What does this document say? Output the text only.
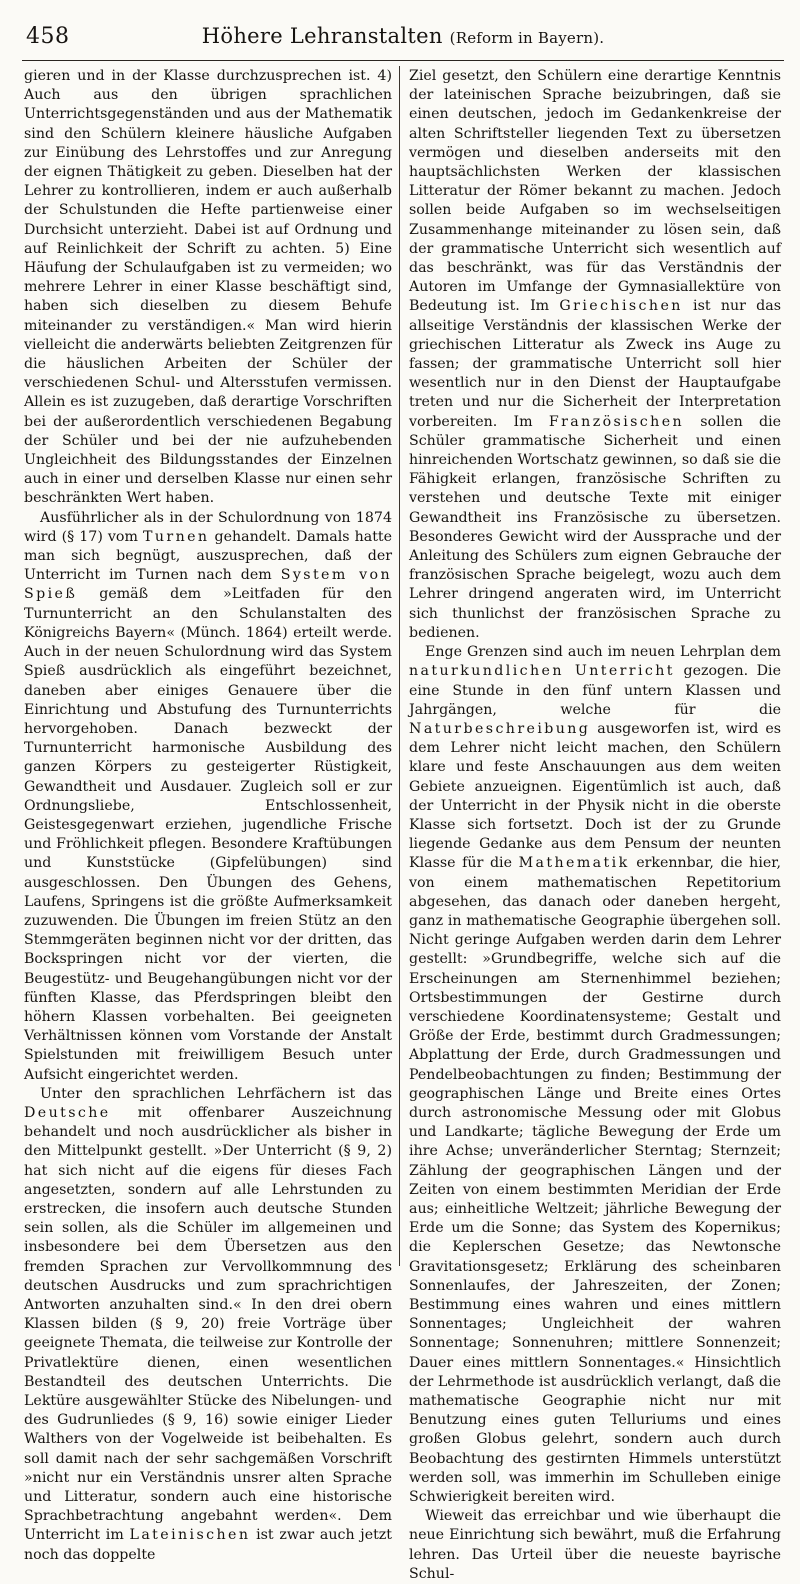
458	Höhere Lehranstalten (Reform in Bayern).

gieren und in der Klasse durchzusprechen ist. 4) Auch aus den übrigen sprachlichen Unterrichtsgegenständen und aus der Mathematik sind den Schülern kleinere häusliche Aufgaben zur Einübung des Lehrstoffes und zur Anregung der eignen Thätigkeit zu geben. Dieselben hat der Lehrer zu kontrollieren, indem er auch außerhalb der Schulstunden die Hefte partienweise einer Durchsicht unterzieht. Dabei ist auf Ordnung und auf Reinlichkeit der Schrift zu achten. 5) Eine Häufung der Schulaufgaben ist zu vermeiden; wo mehrere Lehrer in einer Klasse beschäftigt sind, haben sich dieselben zu diesem Behufe miteinander zu verständigen.« Man wird hierin vielleicht die anderwärts beliebten Zeitgrenzen für die häuslichen Arbeiten der Schüler der verschiedenen Schul- und Altersstufen vermissen. Allein es ist zuzugeben, daß derartige Vorschriften bei der außerordentlich verschiedenen Begabung der Schüler und bei der nie aufzuhebenden Ungleichheit des Bildungsstandes der Einzelnen auch in einer und derselben Klasse nur einen sehr beschränkten Wert haben.

Ausführlicher als in der Schulordnung von 1874 wird (§ 17) vom Turnen gehandelt. Damals hatte man sich begnügt, auszusprechen, daß der Unterricht im Turnen nach dem System von Spieß gemäß dem »Leitfaden für den Turnunterricht an den Schulanstalten des Königreichs Bayern« (Münch. 1864) erteilt werde. Auch in der neuen Schulordnung wird das System Spieß ausdrücklich als eingeführt bezeichnet, daneben aber einiges Genauere über die Einrichtung und Abstufung des Turnunterrichts hervorgehoben. Danach bezweckt der Turnunterricht harmonische Ausbildung des ganzen Körpers zu gesteigerter Rüstigkeit, Gewandtheit und Ausdauer. Zugleich soll er zur Ordnungsliebe, Entschlossenheit, Geistesgegenwart erziehen, jugendliche Frische und Fröhlichkeit pflegen. Besondere Kraftübungen und Kunststücke (Gipfelübungen) sind ausgeschlossen. Den Übungen des Gehens, Laufens, Springens ist die größte Aufmerksamkeit zuzuwenden. Die Übungen im freien Stütz an den Stemmgeräten beginnen nicht vor der dritten, das Bockspringen nicht vor der vierten, die Beugestütz- und Beugehangübungen nicht vor der fünften Klasse, das Pferdspringen bleibt den höhern Klassen vorbehalten. Bei geeigneten Verhältnissen können vom Vorstande der Anstalt Spielstunden mit freiwilligem Besuch unter Aufsicht eingerichtet werden.

Unter den sprachlichen Lehrfächern ist das Deutsche mit offenbarer Auszeichnung behandelt und noch ausdrücklicher als bisher in den Mittelpunkt gestellt. »Der Unterricht (§ 9, 2) hat sich nicht auf die eigens für dieses Fach angesetzten, sondern auf alle Lehrstunden zu erstrecken, die insofern auch deutsche Stunden sein sollen, als die Schüler im allgemeinen und insbesondere bei dem Übersetzen aus den fremden Sprachen zur Vervollkommnung des deutschen Ausdrucks und zum sprachrichtigen Antworten anzuhalten sind.« In den drei obern Klassen bilden (§ 9, 20) freie Vorträge über geeignete Themata, die teilweise zur Kontrolle der Privatlektüre dienen, einen wesentlichen Bestandteil des deutschen Unterrichts. Die Lektüre ausgewählter Stücke des Nibelungen- und des Gudrunliedes (§ 9, 16) sowie einiger Lieder Walthers von der Vogelweide ist beibehalten. Es soll damit nach der sehr sachgemäßen Vorschrift »nicht nur ein Verständnis unsrer alten Sprache und Litteratur, sondern auch eine historische Sprachbetrachtung angebahnt werden«. Dem Unterricht im Lateinischen ist zwar auch jetzt noch das doppelte

Ziel gesetzt, den Schülern eine derartige Kenntnis der lateinischen Sprache beizubringen, daß sie einen deutschen, jedoch im Gedankenkreise der alten Schriftsteller liegenden Text zu übersetzen vermögen und dieselben anderseits mit den hauptsächlichsten Werken der klassischen Litteratur der Römer bekannt zu machen. Jedoch sollen beide Aufgaben so im wechselseitigen Zusammenhange miteinander zu lösen sein, daß der grammatische Unterricht sich wesentlich auf das beschränkt, was für das Verständnis der Autoren im Umfange der Gymnasiallektüre von Bedeutung ist. Im Griechischen ist nur das allseitige Verständnis der klassischen Werke der griechischen Litteratur als Zweck ins Auge zu fassen; der grammatische Unterricht soll hier wesentlich nur in den Dienst der Hauptaufgabe treten und nur die Sicherheit der Interpretation vorbereiten. Im Französischen sollen die Schüler grammatische Sicherheit und einen hinreichenden Wortschatz gewinnen, so daß sie die Fähigkeit erlangen, französische Schriften zu verstehen und deutsche Texte mit einiger Gewandtheit ins Französische zu übersetzen. Besonderes Gewicht wird der Aussprache und der Anleitung des Schülers zum eignen Gebrauche der französischen Sprache beigelegt, wozu auch dem Lehrer dringend angeraten wird, im Unterricht sich thunlichst der französischen Sprache zu bedienen.

Enge Grenzen sind auch im neuen Lehrplan dem naturkundlichen Unterricht gezogen. Die eine Stunde in den fünf untern Klassen und Jahrgängen, welche für die Naturbeschreibung ausgeworfen ist, wird es dem Lehrer nicht leicht machen, den Schülern klare und feste Anschauungen aus dem weiten Gebiete anzueignen. Eigentümlich ist auch, daß der Unterricht in der Physik nicht in die oberste Klasse sich fortsetzt. Doch ist der zu Grunde liegende Gedanke aus dem Pensum der neunten Klasse für die Mathematik erkennbar, die hier, von einem mathematischen Repetitorium abgesehen, das danach oder daneben hergeht, ganz in mathematische Geographie übergehen soll. Nicht geringe Aufgaben werden darin dem Lehrer gestellt: »Grundbegriffe, welche sich auf die Erscheinungen am Sternenhimmel beziehen; Ortsbestimmungen der Gestirne durch verschiedene Koordinatensysteme; Gestalt und Größe der Erde, bestimmt durch Gradmessungen; Abplattung der Erde, durch Gradmessungen und Pendelbeobachtungen zu finden; Bestimmung der geographischen Länge und Breite eines Ortes durch astronomische Messung oder mit Globus und Landkarte; tägliche Bewegung der Erde um ihre Achse; unveränderlicher Sterntag; Sternzeit; Zählung der geographischen Längen und der Zeiten von einem bestimmten Meridian der Erde aus; einheitliche Weltzeit; jährliche Bewegung der Erde um die Sonne; das System des Kopernikus; die Keplerschen Gesetze; das Newtonsche Gravitationsgesetz; Erklärung des scheinbaren Sonnenlaufes, der Jahreszeiten, der Zonen; Bestimmung eines wahren und eines mittlern Sonnentages; Ungleichheit der wahren Sonnentage; Sonnenuhren; mittlere Sonnenzeit; Dauer eines mittlern Sonnentages.« Hinsichtlich der Lehrmethode ist ausdrücklich verlangt, daß die mathematische Geographie nicht nur mit Benutzung eines guten Telluriums und eines großen Globus gelehrt, sondern auch durch Beobachtung des gestirnten Himmels unterstützt werden soll, was immerhin im Schulleben einige Schwierigkeit bereiten wird.

Wieweit das erreichbar und wie überhaupt die neue Einrichtung sich bewährt, muß die Erfahrung lehren. Das Urteil über die neueste bayrische Schul-
